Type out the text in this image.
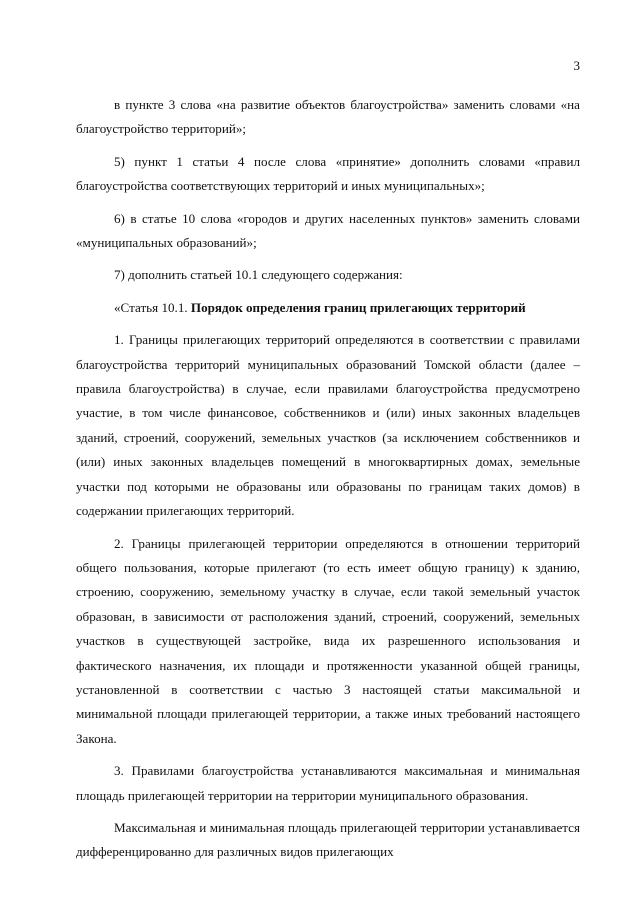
3

в пункте 3 слова «на развитие объектов благоустройства» заменить словами «на благоустройство территорий»;

5) пункт 1 статьи 4 после слова «принятие» дополнить словами «правил благоустройства соответствующих территорий и иных муниципальных»;

6) в статье 10 слова «городов и других населенных пунктов» заменить словами «муниципальных образований»;

7) дополнить статьей 10.1 следующего содержания:

«Статья 10.1. Порядок определения границ прилегающих территорий

1. Границы прилегающих территорий определяются в соответствии с правилами благоустройства территорий муниципальных образований Томской области (далее – правила благоустройства) в случае, если правилами благоустройства предусмотрено участие, в том числе финансовое, собственников и (или) иных законных владельцев зданий, строений, сооружений, земельных участков (за исключением собственников и (или) иных законных владельцев помещений в многоквартирных домах, земельные участки под которыми не образованы или образованы по границам таких домов) в содержании прилегающих территорий.

2. Границы прилегающей территории определяются в отношении территорий общего пользования, которые прилегают (то есть имеет общую границу) к зданию, строению, сооружению, земельному участку в случае, если такой земельный участок образован, в зависимости от расположения зданий, строений, сооружений, земельных участков в существующей застройке, вида их разрешенного использования и фактического назначения, их площади и протяженности указанной общей границы, установленной в соответствии с частью 3 настоящей статьи максимальной и минимальной площади прилегающей территории, а также иных требований настоящего Закона.

3. Правилами благоустройства устанавливаются максимальная и минимальная площадь прилегающей территории на территории муниципального образования.

Максимальная и минимальная площадь прилегающей территории устанавливается дифференцированно для различных видов прилегающих
